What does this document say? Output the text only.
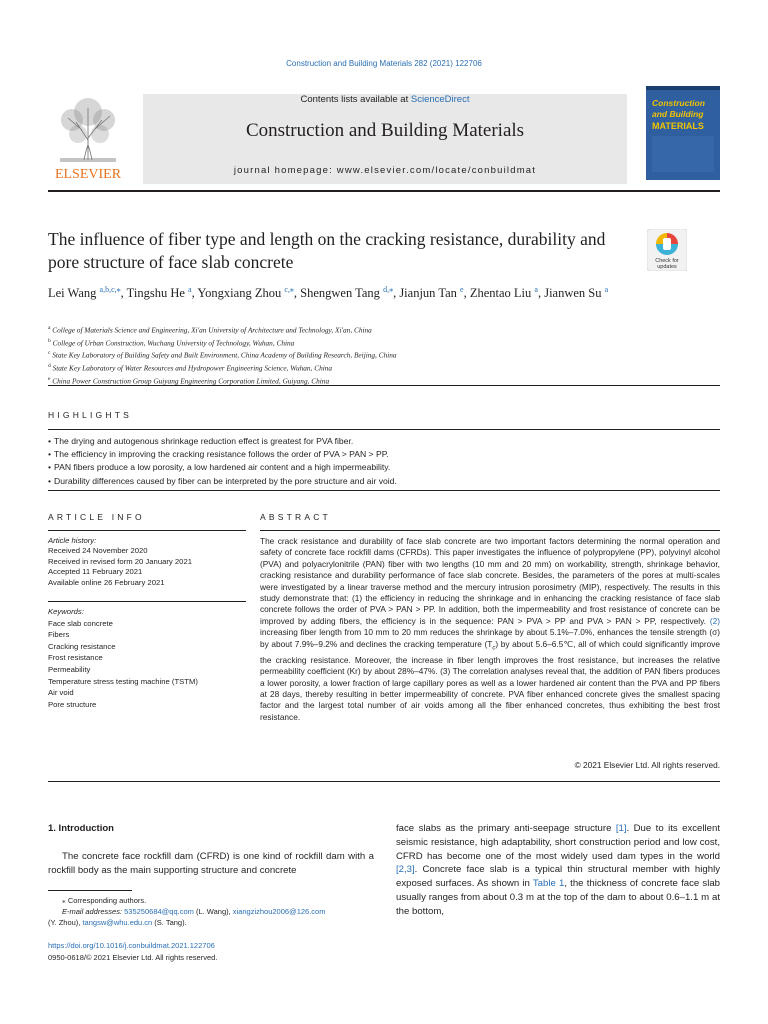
Construction and Building Materials 282 (2021) 122706
ELSEVIER
Contents lists available at ScienceDirect
Construction and Building Materials
journal homepage: www.elsevier.com/locate/conbuildmat
Construction
and Building
MATERIALS
The influence of fiber type and length on the cracking resistance, durability and pore structure of face slab concrete	Check for
updates
Lei Wang $^{a,b,c,⁎}$, Tingshu He $^a$, Yongxiang Zhou $^{c,⁎}$, Shengwen Tang $^{d,⁎}$, Jianjun Tan $^e$, Zhentao Liu $^a$, Jianwen Su $^a$
$^a$ College of Materials Science and Engineering, Xi'an University of Architecture and Technology, Xi'an, China
$^b$ College of Urban Construction, Wuchang University of Technology, Wuhan, China
$^c$ State Key Laboratory of Building Safety and Built Environment, China Academy of Building Research, Beijing, China
$^d$ State Key Laboratory of Water Resources and Hydropower Engineering Science, Wuhan, China
$^e$ China Power Construction Group Guiyang Engineering Corporation Limited, Guiyang, China
HIGHLIGHTS
• The drying and autogenous shrinkage reduction effect is greatest for PVA fiber.
• The efficiency in improving the cracking resistance follows the order of PVA > PAN > PP.
• PAN fibers produce a low porosity, a low hardened air content and a high impermeability.
• Durability differences caused by fiber can be interpreted by the pore structure and air void.
ARTICLE INFO	ABSTRACT
Article history:
Received 24 November 2020
Received in revised form 20 January 2021
Accepted 11 February 2021
Available online 26 February 2021
Keywords:
Face slab concrete
Fibers
Cracking resistance
Frost resistance
Permeability
Temperature stress testing machine (TSTM)
Air void
Pore structure
The crack resistance and durability of face slab concrete are two important factors determining the normal operation and safety of concrete face rockfill dams (CFRDs). This paper investigates the influence of polypropylene (PP), polyvinyl alcohol (PVA) and polyacrylonitrile (PAN) fiber with two lengths (10 mm and 20 mm) on workability, strength, shrinkage behavior, cracking resistance and durability performance of face slab concrete. Besides, the parameters of the pores at multi-scales were investigated by a linear traverse method and the mercury intrusion porosimetry (MIP), respectively. The results in this study demonstrate that: (1) the efficiency in reducing the shrinkage and in enhancing the cracking resistance of face slab concrete follows the order of PVA > PAN > PP. In addition, both the impermeability and frost resistance of concrete can be improved by adding fibers, the efficiency is in the sequence: PAN > PVA > PP and PVA > PAN > PP, respectively. (2) increasing fiber length from 10 mm to 20 mm reduces the shrinkage by about 5.1%–7.0%, enhances the tensile strength (σ) by about 7.9%–9.2% and declines the cracking temperature $(T_c)$ by about 5.6–6.5℃, all of which could significantly improve the cracking resistance. Moreover, the increase in fiber length improves the frost resistance, but increases the relative permeability coefficient (Kr) by about 28%–47%. (3) The correlation analyses reveal that, the addition of PAN fibers produces a lower porosity, a lower fraction of large capillary pores as well as a lower hardened air content than the PVA and PP fibers at 28 days, thereby resulting in better impermeability of concrete. PVA fiber enhanced concrete gives the smallest spacing factor and the largest total number of air voids among all the fiber enhanced concretes, thus exhibiting the best frost resistance.
© 2021 Elsevier Ltd. All rights reserved.
1. Introduction
The concrete face rockfill dam (CFRD) is one kind of rockfill dam with a rockfill body as the main supporting structure and concrete
face slabs as the primary anti-seepage structure [1]. Due to its excellent seismic resistance, high adaptability, short construction period and low cost, CFRD has become one of the most widely used dam types in the world [2,3]. Concrete face slab is a typical thin structural member with highly exposed surfaces. As shown in Table 1, the thickness of concrete face slab usually ranges from about 0.3 m at the top of the dam to about 0.6–1.1 m at the bottom,
⁎ Corresponding authors.
E-mail addresses: 535250684@qq.com (L. Wang), xiangzizhou2006@126.com
(Y. Zhou), tangsw@whu.edu.cn (S. Tang).
https://doi.org/10.1016/j.conbuildmat.2021.122706
0950-0618/© 2021 Elsevier Ltd. All rights reserved.
